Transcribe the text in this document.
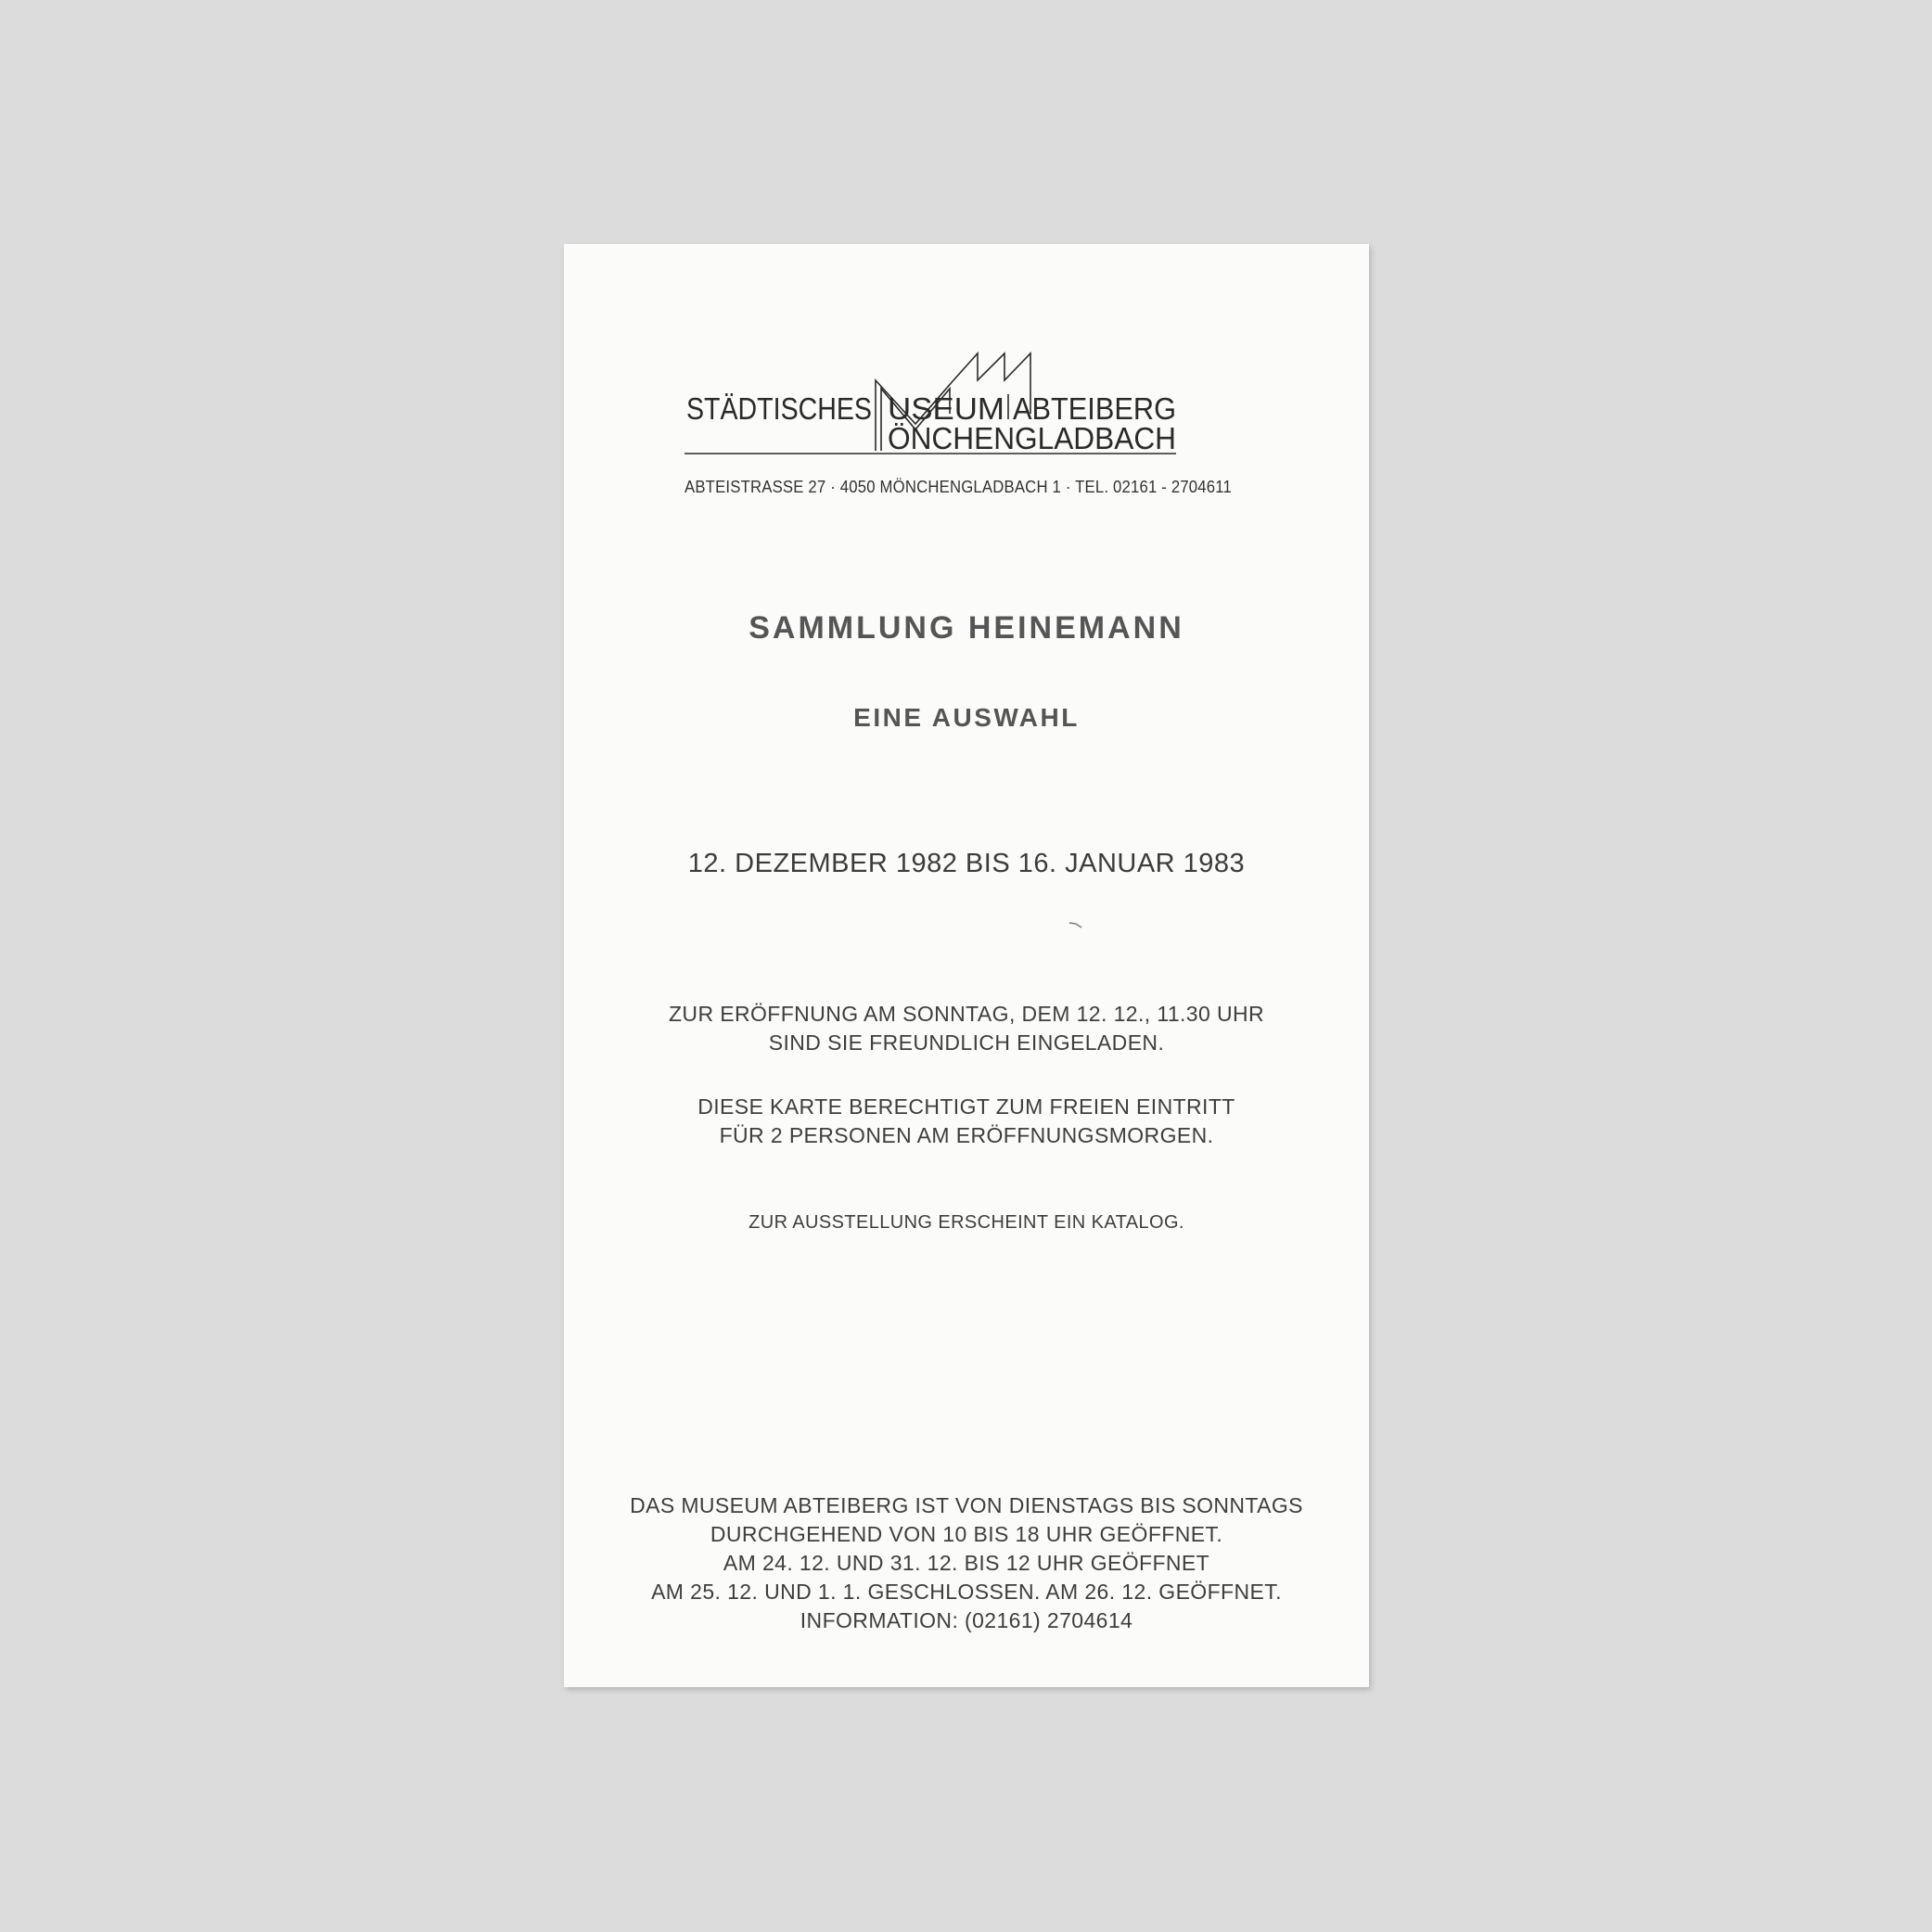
STÄDTISCHES USEUM ABTEIBERG
ÖNCHENGLADBACH
ABTEISTRASSE 27 · 4050 MÖNCHENGLADBACH 1 · TEL. 02161 - 2704611
SAMMLUNG HEINEMANN
EINE AUSWAHL
12. DEZEMBER 1982 BIS 16. JANUAR 1983
ZUR ERÖFFNUNG AM SONNTAG, DEM 12. 12., 11.30 UHR
SIND SIE FREUNDLICH EINGELADEN.
DIESE KARTE BERECHTIGT ZUM FREIEN EINTRITT
FÜR 2 PERSONEN AM ERÖFFNUNGSMORGEN.
ZUR AUSSTELLUNG ERSCHEINT EIN KATALOG.
DAS MUSEUM ABTEIBERG IST VON DIENSTAGS BIS SONNTAGS
DURCHGEHEND VON 10 BIS 18 UHR GEÖFFNET.
AM 24. 12. UND 31. 12. BIS 12 UHR GEÖFFNET
AM 25. 12. UND 1. 1. GESCHLOSSEN. AM 26. 12. GEÖFFNET.
INFORMATION: (02161) 2704614
